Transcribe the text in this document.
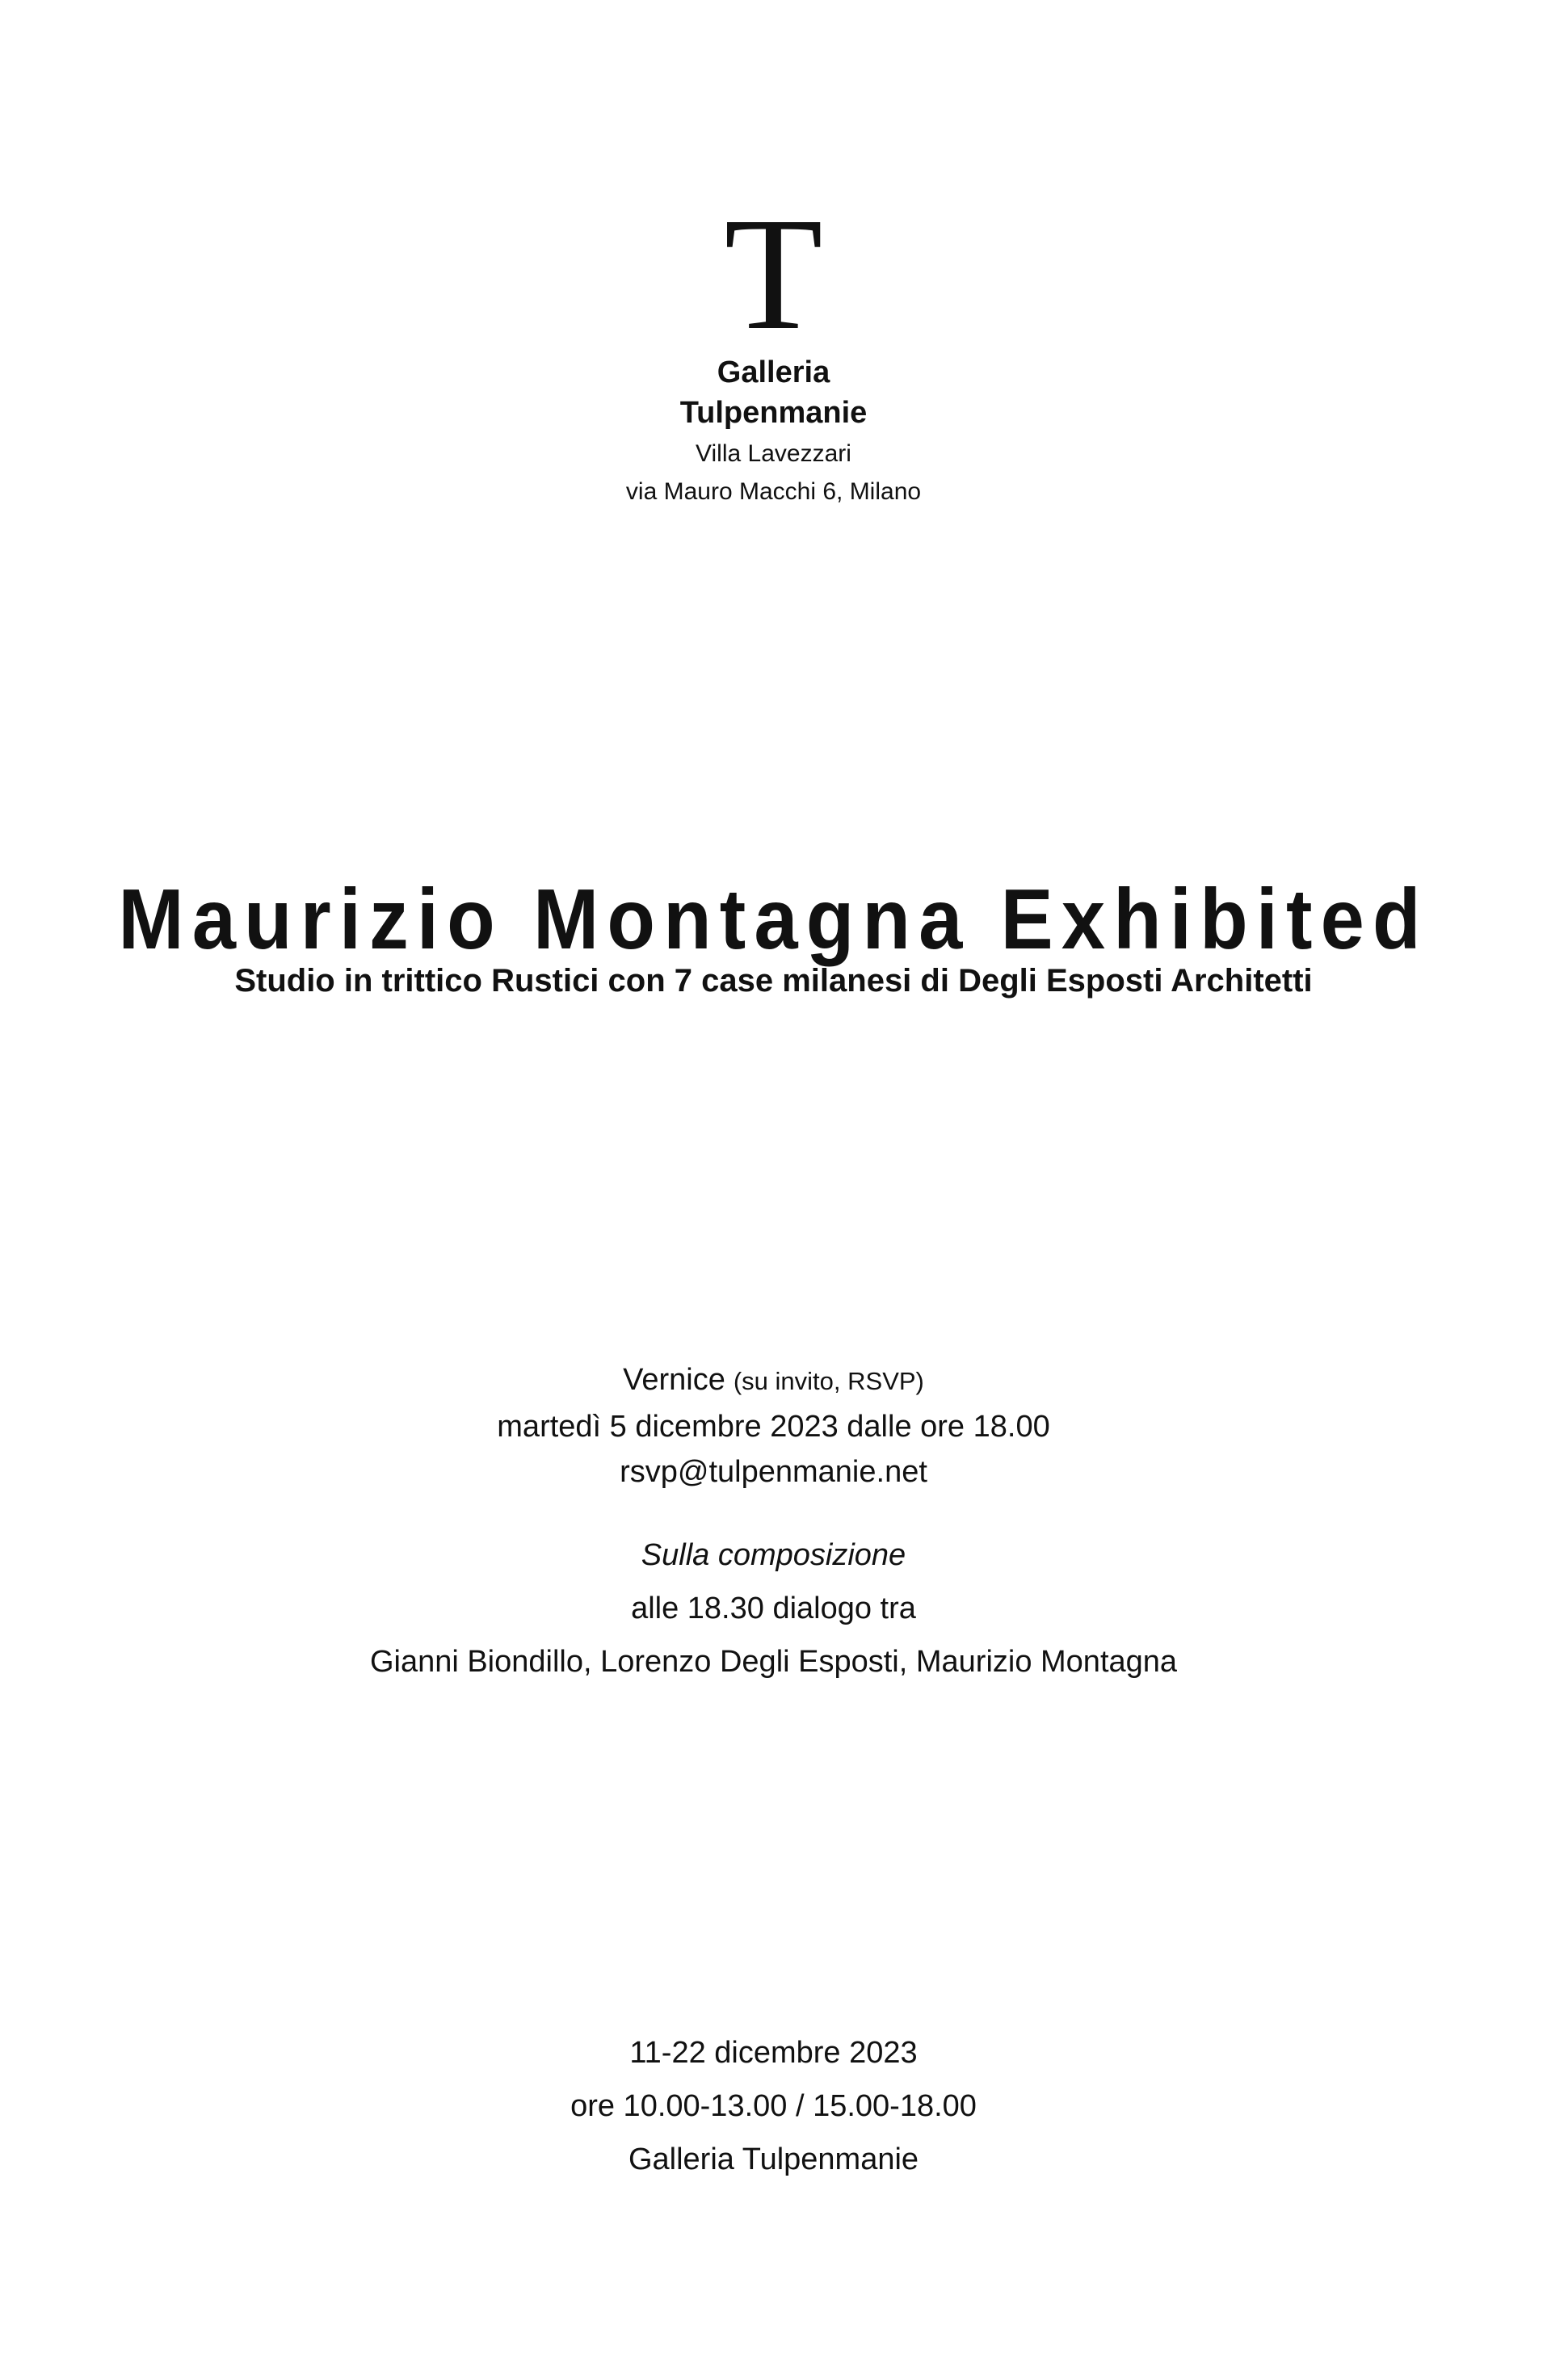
T
Galleria
Tulpenmanie
Villa Lavezzari
via Mauro Macchi 6, Milano
Maurizio Montagna Exhibited
Studio in trittico Rustici con 7 case milanesi di Degli Esposti Architetti
Vernice (su invito, RSVP)
martedì 5 dicembre 2023 dalle ore 18.00
rsvp@tulpenmanie.net
Sulla composizione
alle 18.30 dialogo tra
Gianni Biondillo, Lorenzo Degli Esposti, Maurizio Montagna
11-22 dicembre 2023
ore 10.00-13.00 / 15.00-18.00
Galleria Tulpenmanie
